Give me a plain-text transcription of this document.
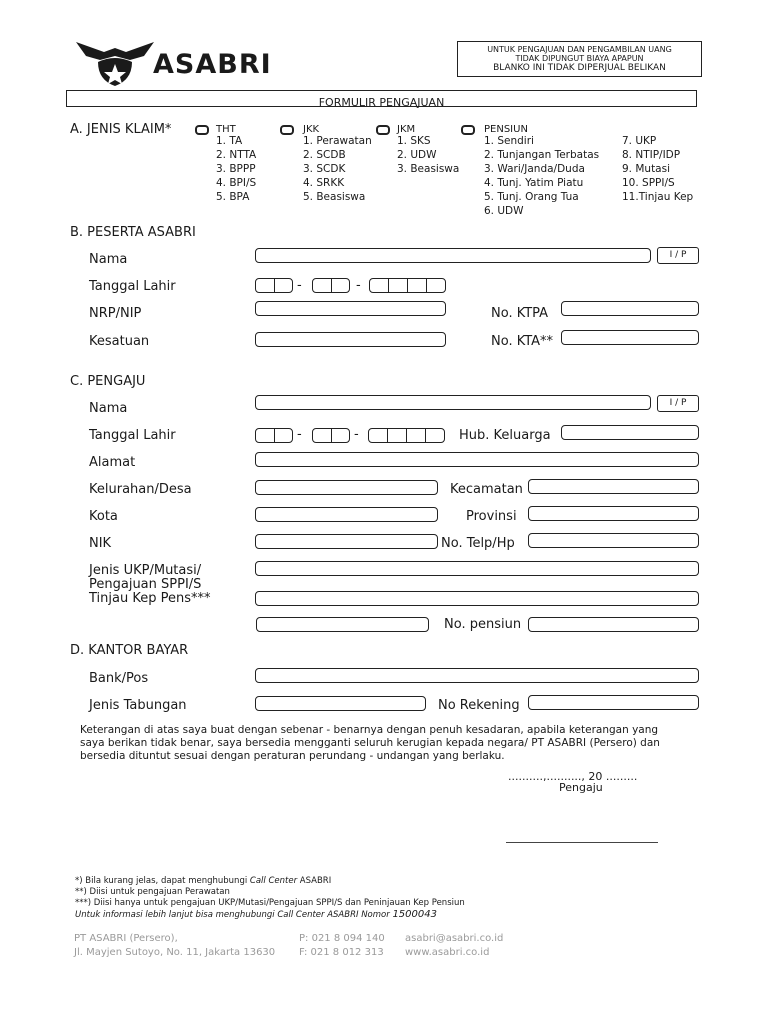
ASABRI	UNTUK PENGAJUAN DAN PENGAMBILAN UANG
TIDAK DIPUNGUT BIAYA APAPUN
BLANKO INI TIDAK DIPERJUAL BELIKAN
FORMULIR PENGAJUAN
A. JENIS KLAIM*	THT
1. TA
2. NTTA
3. BPPP
4. BPI/S
5. BPA
JKK
1. Perawatan
2. SCDB
3. SCDK
4. SRKK
5. Beasiswa
JKM
1. SKS
2. UDW
3. Beasiswa
PENSIUN
1. Sendiri
2. Tunjangan Terbatas
3. Wari/Janda/Duda
4. Tunj. Yatim Piatu
5. Tunj. Orang Tua
6. UDW
7. UKP
8. NTIP/IDP
9. Mutasi
10. SPPI/S
11.Tinjau Kep
B. PESERTA ASABRI
Nama	I / P
Tanggal Lahir	-	-
NRP/NIP	No. KTPA
Kesatuan	No. KTA**
C. PENGAJU
Nama	I / P
Tanggal Lahir	-	-	Hub. Keluarga
Alamat
Kelurahan/Desa	Kecamatan
Kota	Provinsi
NIK	No. Telp/Hp
Jenis UKP/Mutasi/
Pengajuan SPPI/S
Tinjau Kep Pens***
No. pensiun
D. KANTOR BAYAR
Bank/Pos
Jenis Tabungan	No Rekening
Keterangan di atas saya buat dengan sebenar - benarnya dengan penuh kesadaran, apabila keterangan yang
saya berikan tidak benar, saya bersedia mengganti seluruh kerugian kepada negara/ PT ASABRI (Persero) dan
bersedia dituntut sesuai dengan peraturan perundang - undangan yang berlaku.
..........,.........., 20 .........
Pengaju
*) Bila kurang jelas, dapat menghubungi Call Center ASABRI
**) Diisi untuk pengajuan Perawatan
***) Diisi hanya untuk pengajuan UKP/Mutasi/Pengajuan SPPI/S dan Peninjauan Kep Pensiun
Untuk informasi lebih lanjut bisa menghubungi Call Center ASABRI Nomor 1500043
PT ASABRI (Persero),
Jl. Mayjen Sutoyo, No. 11, Jakarta 13630
P: 021 8 094 140
F: 021 8 012 313
asabri@asabri.co.id
www.asabri.co.id
